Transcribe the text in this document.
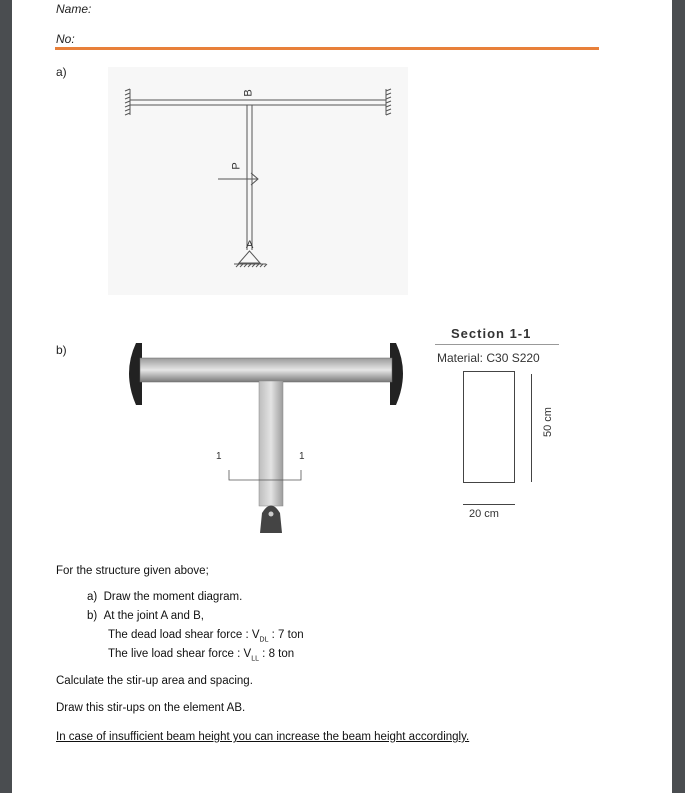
Name:
No:
a)
B
P
A
b)
1	1
Section 1-1
Material: C30 S220
50 cm
20 cm
For the structure given above;
a) Draw the moment diagram.
b) At the joint A and B,
The dead load shear force : $V_{DL}$ : 7 ton
The live load shear force : $V_{LL}$ : 8 ton
Calculate the stir-up area and spacing.
Draw this stir-ups on the element AB.
In case of insufficient beam height you can increase the beam height accordingly.
